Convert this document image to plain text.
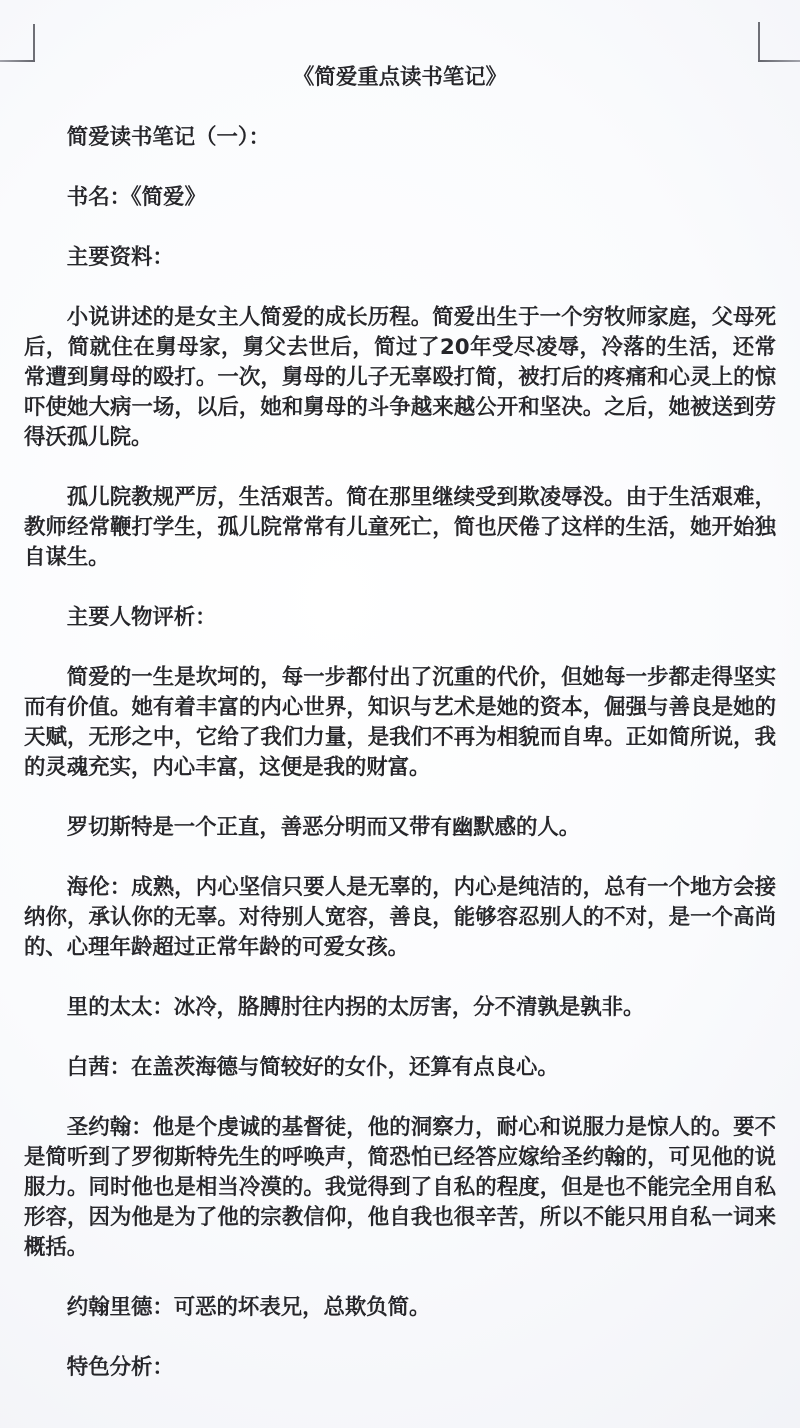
《简爱重点读书笔记》

简爱读书笔记（一）：

书名：《简爱》

主要资料：

小说讲述的是女主人简爱的成长历程。简爱出生于一个穷牧师家庭，父母死后，简就住在舅母家，舅父去世后，简过了20年受尽凌辱，冷落的生活，还常常遭到舅母的殴打。一次，舅母的儿子无辜殴打简，被打后的疼痛和心灵上的惊吓使她大病一场，以后，她和舅母的斗争越来越公开和坚决。之后，她被送到劳得沃孤儿院。

孤儿院教规严厉，生活艰苦。简在那里继续受到欺凌辱没。由于生活艰难，教师经常鞭打学生，孤儿院常常有儿童死亡，简也厌倦了这样的生活，她开始独自谋生。

主要人物评析：

简爱的一生是坎坷的，每一步都付出了沉重的代价，但她每一步都走得坚实而有价值。她有着丰富的内心世界，知识与艺术是她的资本，倔强与善良是她的天赋，无形之中，它给了我们力量，是我们不再为相貌而自卑。正如简所说，我的灵魂充实，内心丰富，这便是我的财富。

罗切斯特是一个正直，善恶分明而又带有幽默感的人。

海伦：成熟，内心坚信只要人是无辜的，内心是纯洁的，总有一个地方会接纳你，承认你的无辜。对待别人宽容，善良，能够容忍别人的不对，是一个高尚的、心理年龄超过正常年龄的可爱女孩。

里的太太：冰冷，胳膊肘往内拐的太厉害，分不清孰是孰非。

白茜：在盖茨海德与简较好的女仆，还算有点良心。

圣约翰：他是个虔诚的基督徒，他的洞察力，耐心和说服力是惊人的。要不是简听到了罗彻斯特先生的呼唤声，简恐怕已经答应嫁给圣约翰的，可见他的说服力。同时他也是相当冷漠的。我觉得到了自私的程度，但是也不能完全用自私形容，因为他是为了他的宗教信仰，他自我也很辛苦，所以不能只用自私一词来概括。

约翰里德：可恶的坏表兄，总欺负简。

特色分析：
